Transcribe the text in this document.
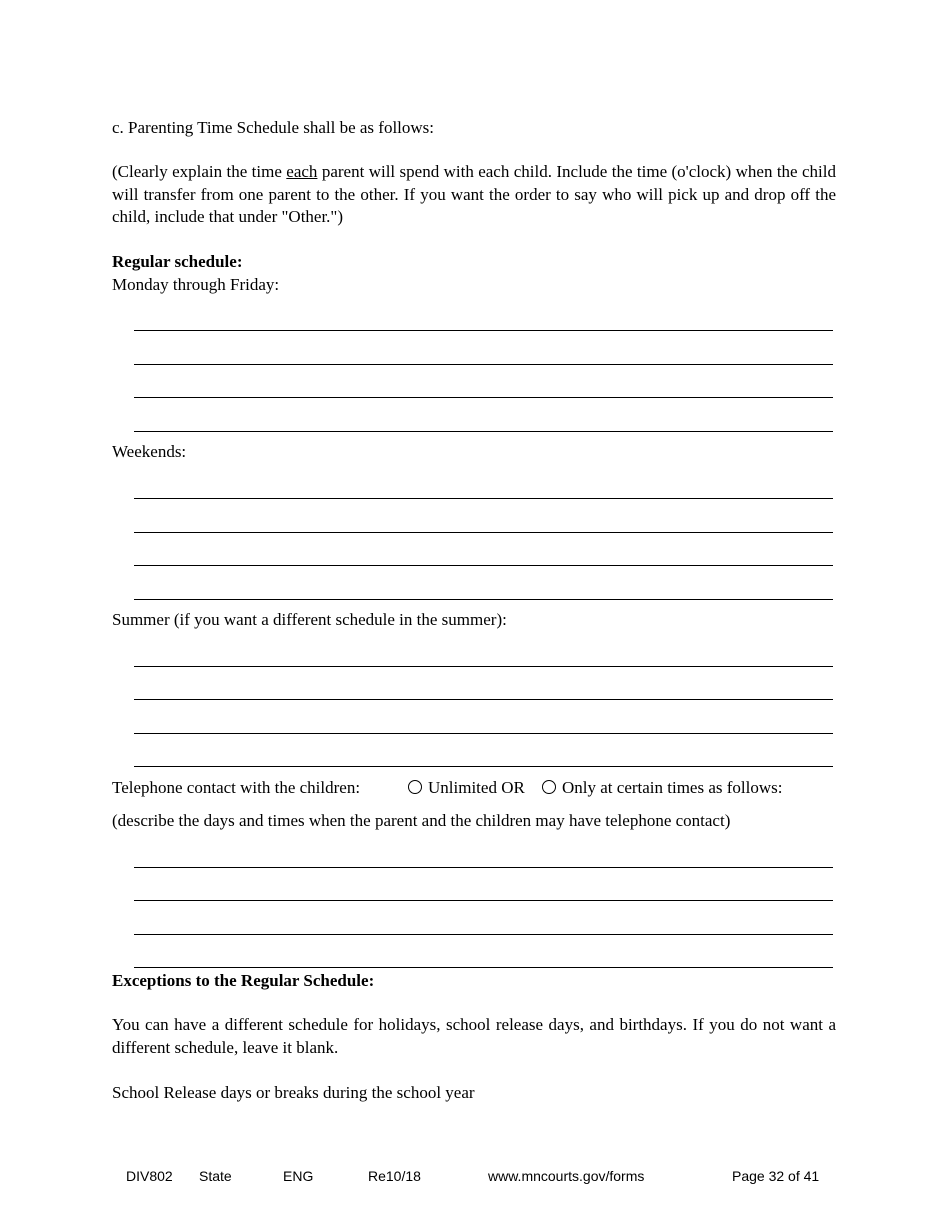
c. Parenting Time Schedule shall be as follows:
(Clearly explain the time each parent will spend with each child. Include the time (o'clock) when the child will transfer from one parent to the other. If you want the order to say who will pick up and drop off the child, include that under "Other.")
Regular schedule:
Monday through Friday:
Weekends:
Summer (if you want a different schedule in the summer):
Telephone contact with the children:	Unlimited OR	Only at certain times as follows:
(describe the days and times when the parent and the children may have telephone contact)
Exceptions to the Regular Schedule:
You can have a different schedule for holidays, school release days, and birthdays. If you do not want a different schedule, leave it blank.
School Release days or breaks during the school year
DIV802 State	ENG	Re10/18	www.mncourts.gov/forms	Page 32 of 41
